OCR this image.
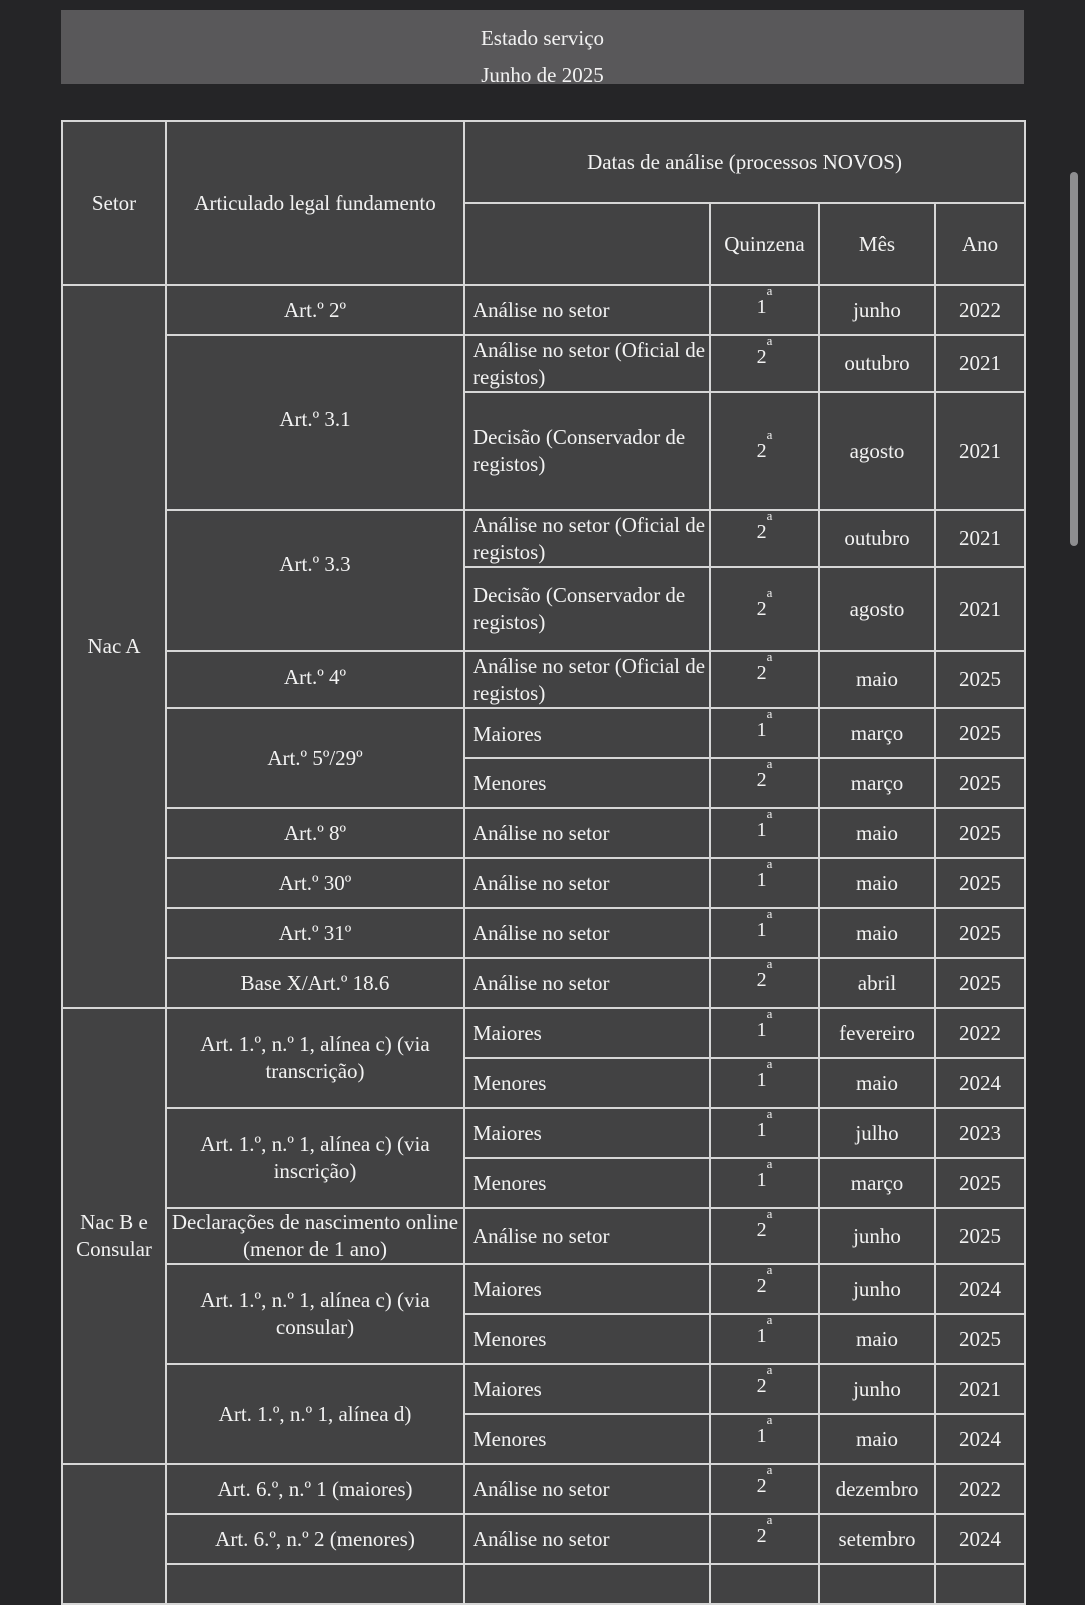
Estado serviço
Junho de 2025
Setor	Articulado legal fundamento	Datas de análise (processos NOVOS)			
			Quinzena	Mês	Ano
Nac A	Art.º 2º	Análise no setor	1$^a$	junho	2022
	Art.º 3.1	Análise no setor (Oficial de registos)	2$^a$	outubro	2021
		Decisão (Conservador de registos)	2$^a$	agosto	2021
	Art.º 3.3	Análise no setor (Oficial de registos)	2$^a$	outubro	2021
		Decisão (Conservador de registos)	2$^a$	agosto	2021
	Art.º 4º	Análise no setor (Oficial de registos)	2$^a$	maio	2025
	Art.º 5º/29º	Maiores	1$^a$	março	2025
		Menores	2$^a$	março	2025
	Art.º 8º	Análise no setor	1$^a$	maio	2025
	Art.º 30º	Análise no setor	1$^a$	maio	2025
	Art.º 31º	Análise no setor	1$^a$	maio	2025
	Base X/Art.º 18.6	Análise no setor	2$^a$	abril	2025
Nac B e Consular	Art. 1.º, n.º 1, alínea c) (via transcrição)	Maiores	1$^a$	fevereiro	2022
		Menores	1$^a$	maio	2024
	Art. 1.º, n.º 1, alínea c) (via inscrição)	Maiores	1$^a$	julho	2023
		Menores	1$^a$	março	2025
	Declarações de nascimento online (menor de 1 ano)	Análise no setor	2$^a$	junho	2025
	Art. 1.º, n.º 1, alínea c) (via consular)	Maiores	2$^a$	junho	2024
		Menores	1$^a$	maio	2025
	Art. 1.º, n.º 1, alínea d)	Maiores	2$^a$	junho	2021
		Menores	1$^a$	maio	2024
	Art. 6.º, n.º 1 (maiores)	Análise no setor	2$^a$	dezembro	2022
	Art. 6.º, n.º 2 (menores)	Análise no setor	2$^a$	setembro	2024
